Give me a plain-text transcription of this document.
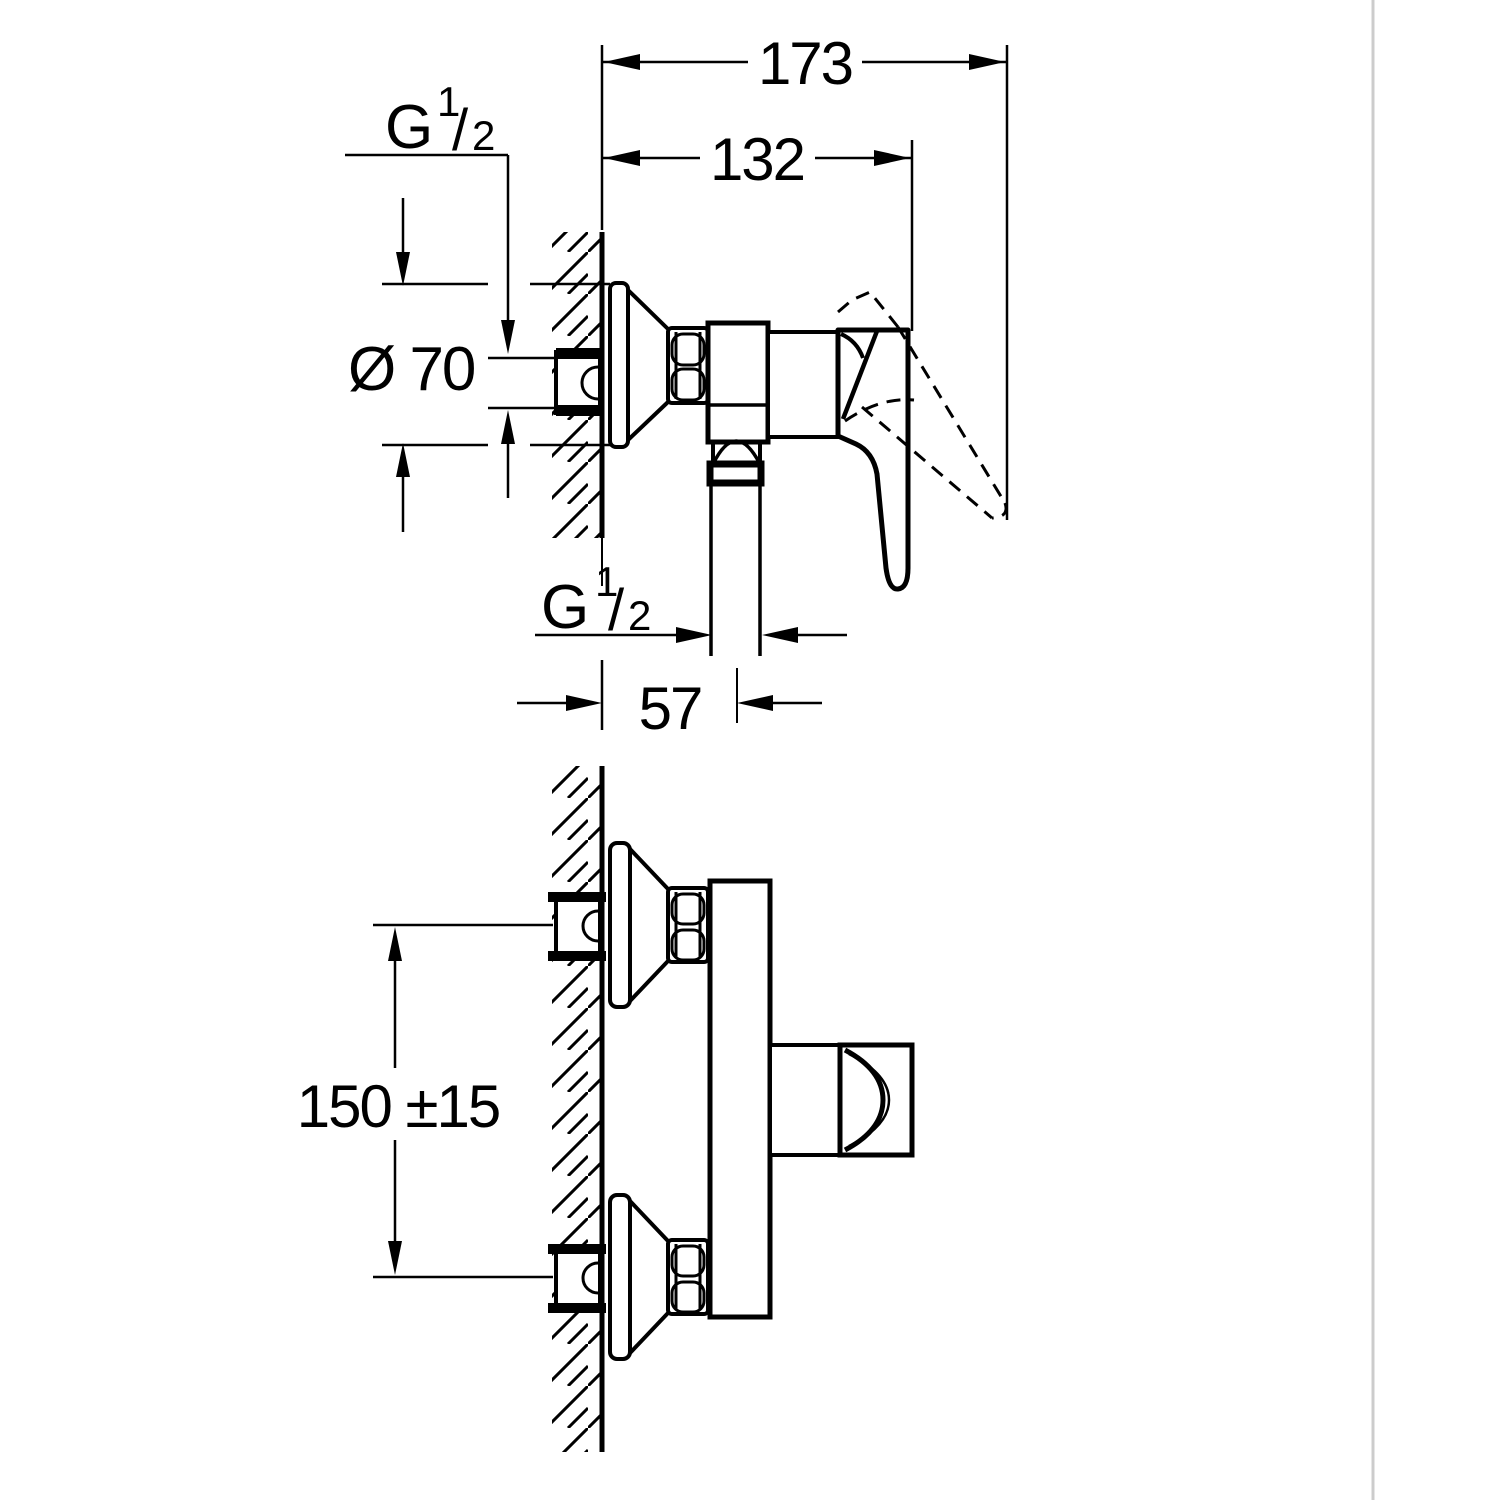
173
132
G 1
/ 2
Ø 70
G 1
/ 2
57
150 ±15
